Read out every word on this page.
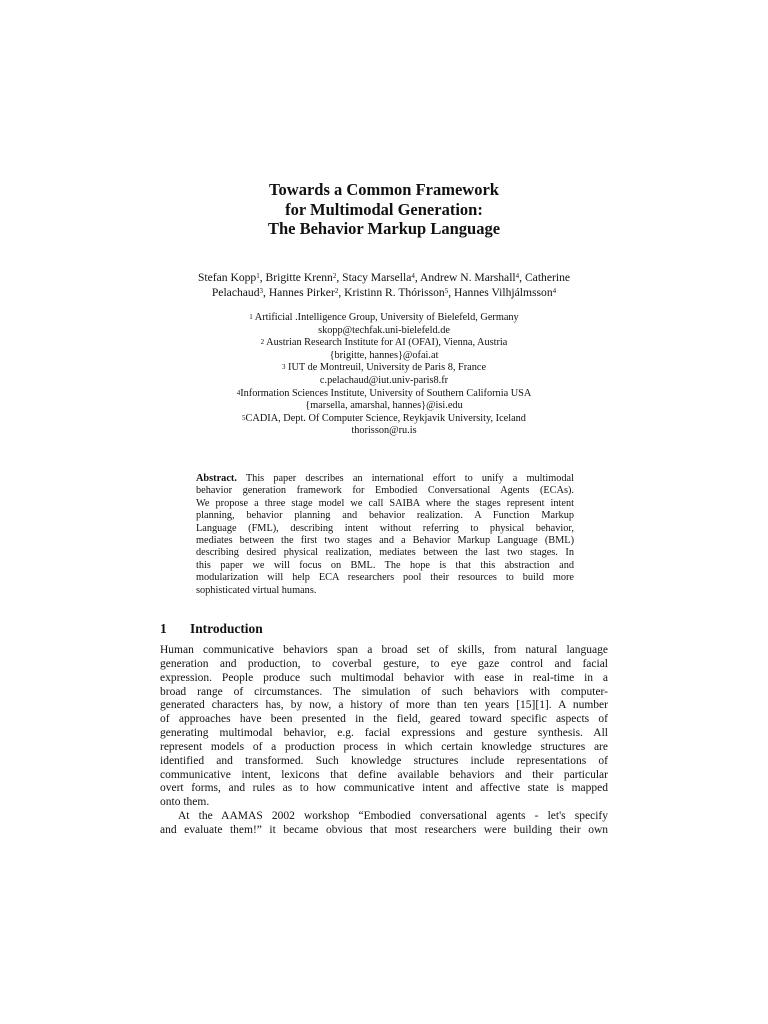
Towards a Common Framework
for Multimodal Generation:
The Behavior Markup Language
Stefan Kopp$^1$, Brigitte Krenn$^2$, Stacy Marsella$^4$, Andrew N. Marshall$^4$, Catherine
Pelachaud$^3$, Hannes Pirker$^2$, Kristinn R. Thórisson$^5$, Hannes Vilhjálmsson$^4$
$^1$ Artificial .Intelligence Group, University of Bielefeld, Germany
skopp@techfak.uni-bielefeld.de
$^2$ Austrian Research Institute for AI (OFAI), Vienna, Austria
{brigitte, hannes}@ofai.at
$^3$ IUT de Montreuil, University de Paris 8, France
c.pelachaud@iut.univ-paris8.fr
$^4$Information Sciences Institute, University of Southern California USA
{marsella, amarshal, hannes}@isi.edu
$^5$CADIA, Dept. Of Computer Science, Reykjavik University, Iceland
thorisson@ru.is
Abstract. This paper describes an international effort to unify a multimodal
behavior generation framework for Embodied Conversational Agents (ECAs).
We propose a three stage model we call SAIBA where the stages represent intent
planning, behavior planning and behavior realization. A Function Markup
Language (FML), describing intent without referring to physical behavior,
mediates between the first two stages and a Behavior Markup Language (BML)
describing desired physical realization, mediates between the last two stages. In
this paper we will focus on BML. The hope is that this abstraction and
modularization will help ECA researchers pool their resources to build more
sophisticated virtual humans.
1 Introduction
Human communicative behaviors span a broad set of skills, from natural language
generation and production, to coverbal gesture, to eye gaze control and facial
expression. People produce such multimodal behavior with ease in real-time in a
broad range of circumstances. The simulation of such behaviors with computer-
generated characters has, by now, a history of more than ten years [15][1]. A number
of approaches have been presented in the field, geared toward specific aspects of
generating multimodal behavior, e.g. facial expressions and gesture synthesis. All
represent models of a production process in which certain knowledge structures are
identified and transformed. Such knowledge structures include representations of
communicative intent, lexicons that define available behaviors and their particular
overt forms, and rules as to how communicative intent and affective state is mapped
onto them.
At the AAMAS 2002 workshop “Embodied conversational agents - let's specify
and evaluate them!” it became obvious that most researchers were building their own
